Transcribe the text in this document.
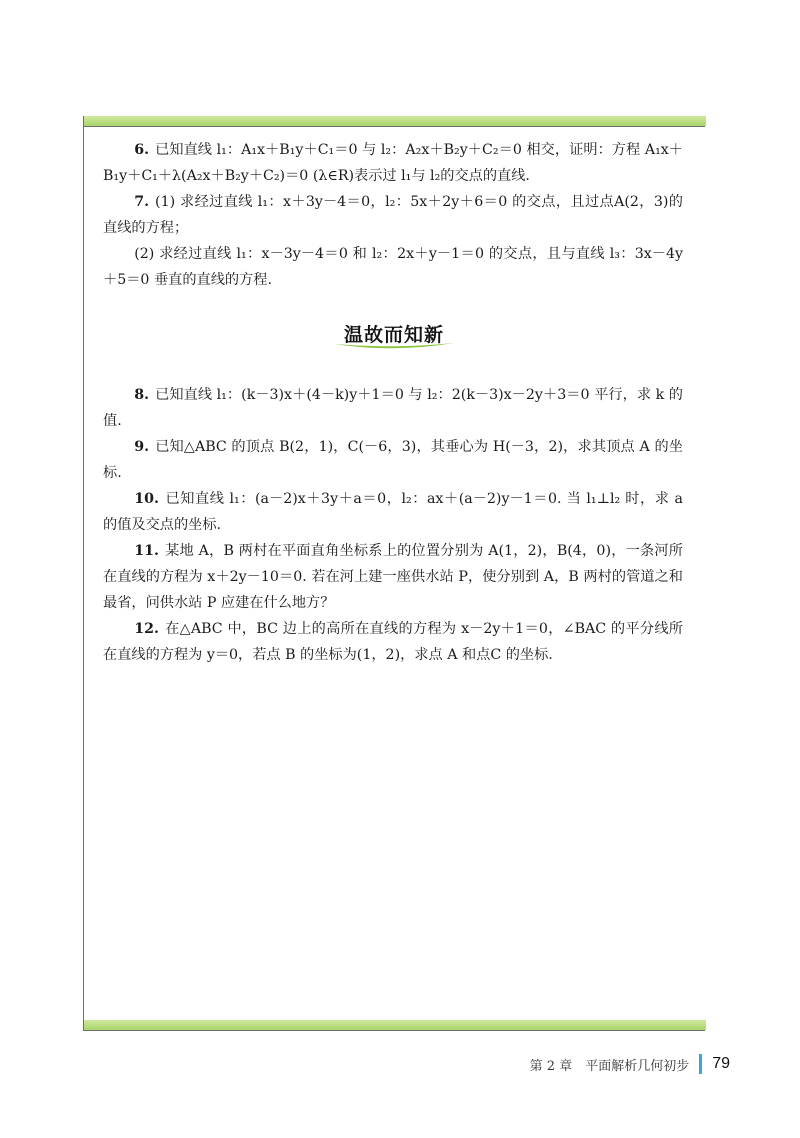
6. 已知直线 l₁：A₁x＋B₁y＋C₁＝0 与 l₂：A₂x＋B₂y＋C₂＝0 相交，证明：方程 A₁x＋B₁y＋C₁＋λ(A₂x＋B₂y＋C₂)＝0 (λ∈R)表示过 l₁与 l₂的交点的直线.

7. (1) 求经过直线 l₁：x＋3y－4＝0，l₂：5x＋2y＋6＝0 的交点，且过点A(2，3)的直线的方程；

(2) 求经过直线 l₁：x－3y－4＝0 和 l₂：2x＋y－1＝0 的交点，且与直线 l₃：3x－4y＋5＝0 垂直的直线的方程.

温故而知新

8. 已知直线 l₁：(k－3)x＋(4－k)y＋1＝0 与 l₂：2(k－3)x－2y＋3＝0 平行，求 k 的值.

9. 已知△ABC 的顶点 B(2，1)，C(－6，3)，其垂心为 H(－3，2)，求其顶点 A 的坐标.

10. 已知直线 l₁：(a－2)x＋3y＋a＝0，l₂：ax＋(a－2)y－1＝0. 当 l₁⊥l₂ 时，求 a 的值及交点的坐标.

11. 某地 A，B 两村在平面直角坐标系上的位置分别为 A(1，2)，B(4，0)，一条河所在直线的方程为 x＋2y－10＝0. 若在河上建一座供水站 P，使分别到 A，B 两村的管道之和最省，问供水站 P 应建在什么地方？

12. 在△ABC 中，BC 边上的高所在直线的方程为 x－2y＋1＝0，∠BAC 的平分线所在直线的方程为 y＝0，若点 B 的坐标为(1，2)，求点 A 和点C 的坐标.

第 2 章　平面解析几何初步 79
